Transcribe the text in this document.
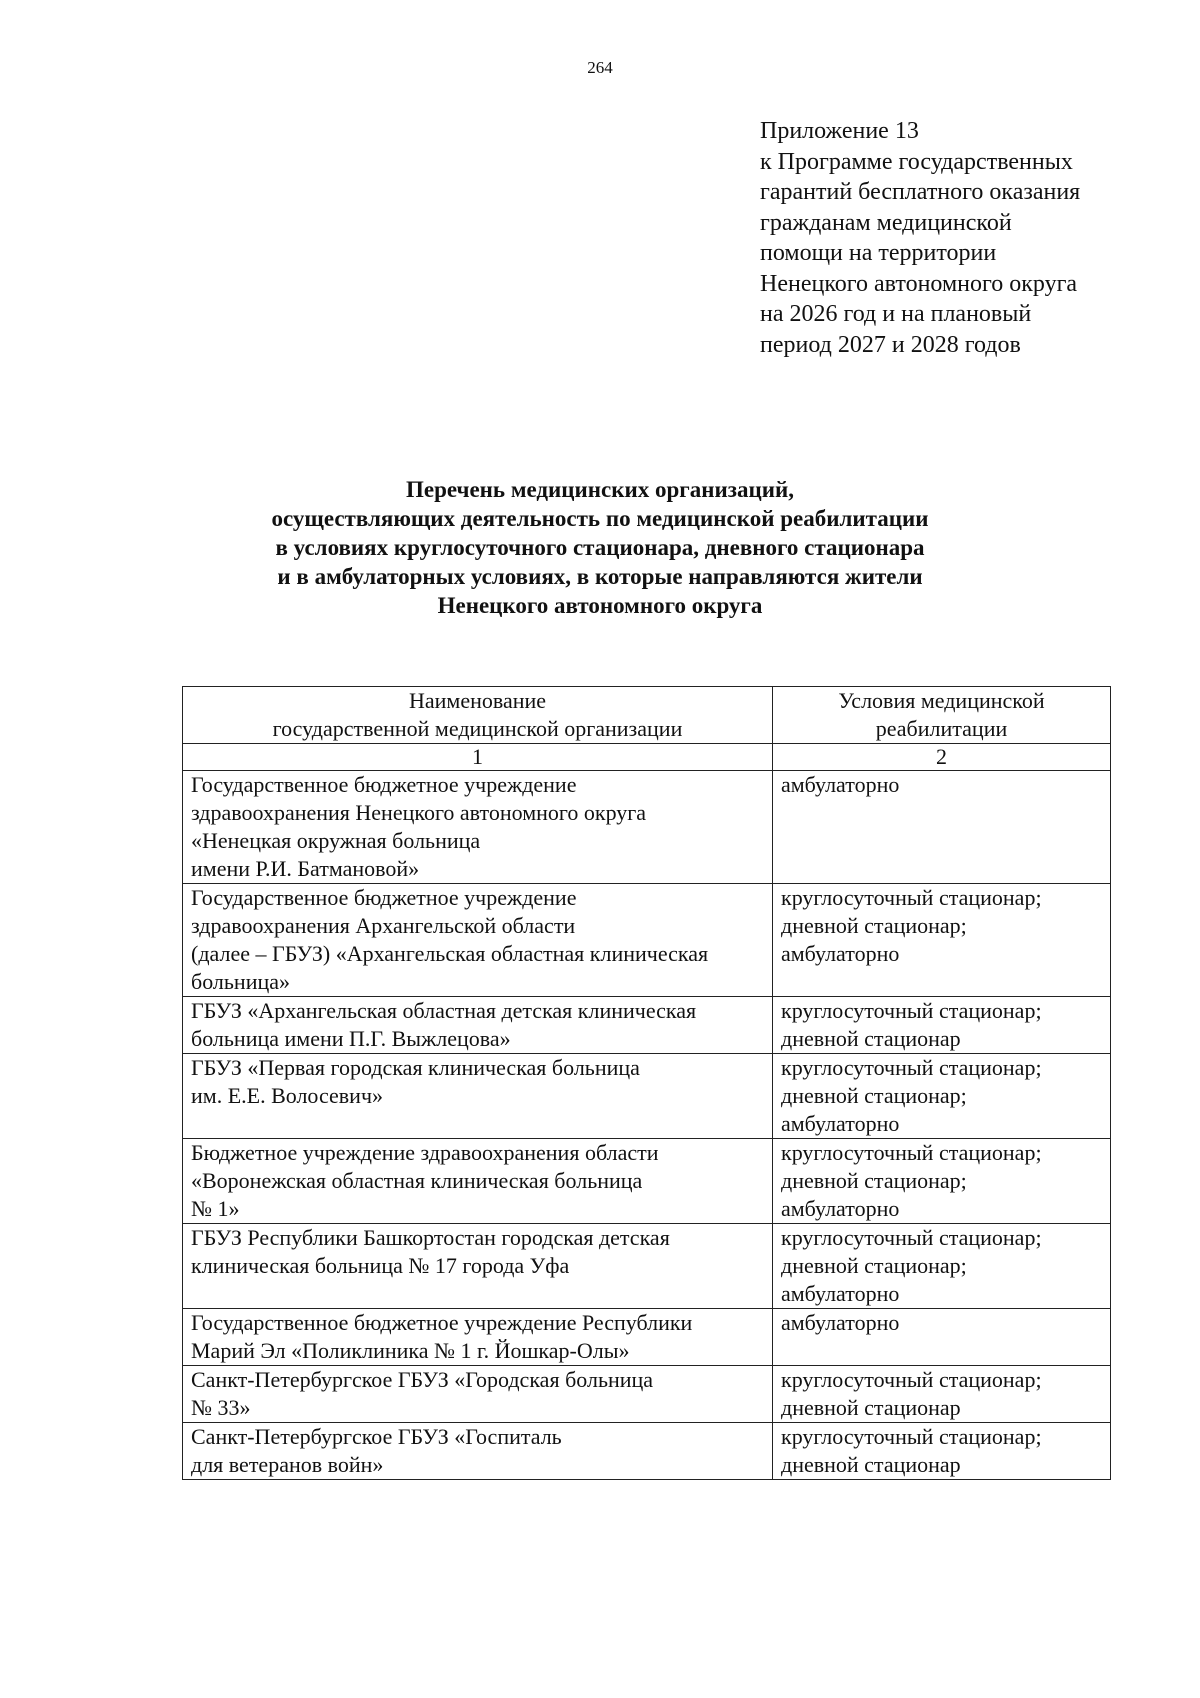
264
Приложение 13
к Программе государственных
гарантий бесплатного оказания
гражданам медицинской
помощи на территории
Ненецкого автономного округа
на 2026 год и на плановый
период 2027 и 2028 годов
Перечень медицинских организаций,
осуществляющих деятельность по медицинской реабилитации
в условиях круглосуточного стационара, дневного стационара
и в амбулаторных условиях, в которые направляются жители
Ненецкого автономного округа
Наименование
государственной медицинской организации	Условия медицинской
реабилитации

1	2

Государственное бюджетное учреждение
здравоохранения Ненецкого автономного округа
«Ненецкая окружная больница
имени Р.И. Батмановой»	амбулаторно

Государственное бюджетное учреждение
здравоохранения Архангельской области
(далее – ГБУЗ) «Архангельская областная клиническая
больница»	круглосуточный стационар;
дневной стационар;
амбулаторно

ГБУЗ «Архангельская областная детская клиническая
больница имени П.Г. Выжлецова»	круглосуточный стационар;
дневной стационар

ГБУЗ «Первая городская клиническая больница
им. Е.Е. Волосевич»	круглосуточный стационар;
дневной стационар;
амбулаторно

Бюджетное учреждение здравоохранения области
«Воронежская областная клиническая больница
№ 1»	круглосуточный стационар;
дневной стационар;
амбулаторно

ГБУЗ Республики Башкортостан городская детская
клиническая больница № 17 города Уфа	круглосуточный стационар;
дневной стационар;
амбулаторно

Государственное бюджетное учреждение Республики
Марий Эл «Поликлиника № 1 г. Йошкар-Олы»	амбулаторно

Санкт-Петербургское ГБУЗ «Городская больница
№ 33»	круглосуточный стационар;
дневной стационар

Санкт-Петербургское ГБУЗ «Госпиталь
для ветеранов войн»	круглосуточный стационар;
дневной стационар
